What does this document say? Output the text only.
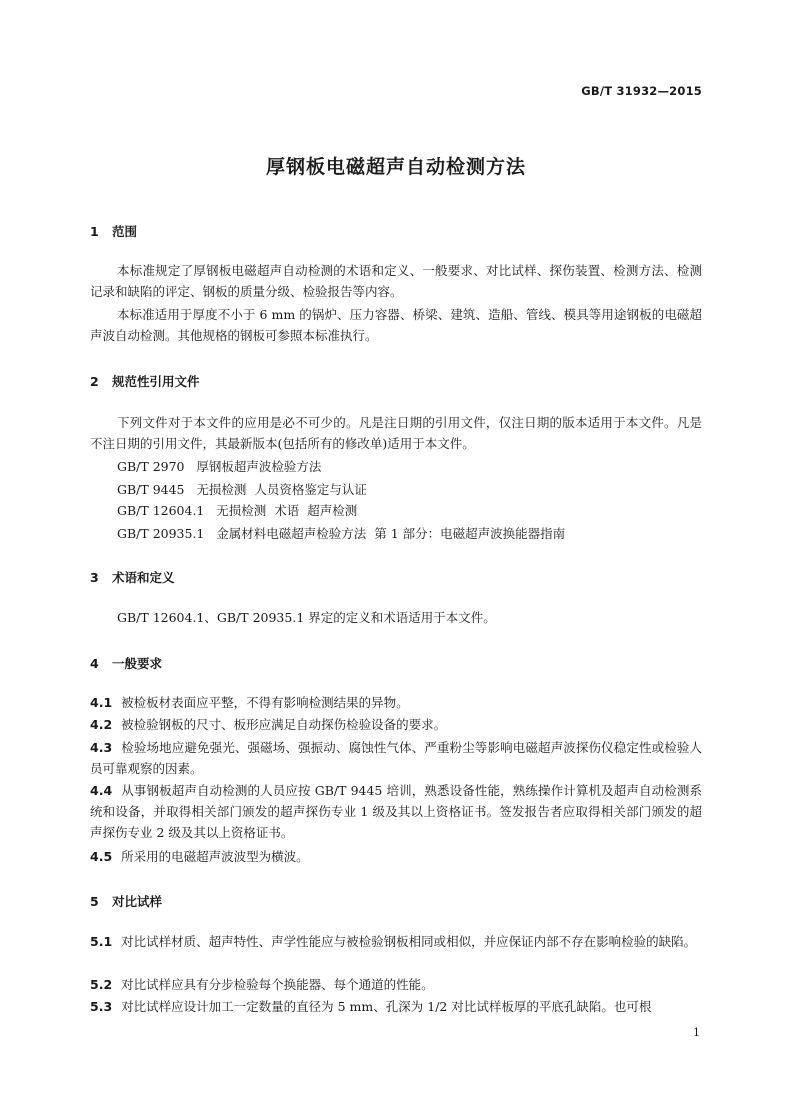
GB/T 31932—2015
厚钢板电磁超声自动检测方法
1 范围
本标准规定了厚钢板电磁超声自动检测的术语和定义、一般要求、对比试样、探伤装置、检测方法、检测记录和缺陷的评定、钢板的质量分级、检验报告等内容。
本标准适用于厚度不小于 6 mm 的锅炉、压力容器、桥梁、建筑、造船、管线、模具等用途钢板的电磁超声波自动检测。其他规格的钢板可参照本标准执行。
2 规范性引用文件
下列文件对于本文件的应用是必不可少的。凡是注日期的引用文件，仅注日期的版本适用于本文件。凡是不注日期的引用文件，其最新版本(包括所有的修改单)适用于本文件。
GB/T 2970   厚钢板超声波检验方法
GB/T 9445   无损检测  人员资格鉴定与认证
GB/T 12604.1   无损检测  术语  超声检测
GB/T 20935.1   金属材料电磁超声检验方法  第 1 部分：电磁超声波换能器指南
3 术语和定义
GB/T 12604.1、GB/T 20935.1 界定的定义和术语适用于本文件。
4 一般要求
4.1 被检板材表面应平整，不得有影响检测结果的异物。
4.2 被检验钢板的尺寸、板形应满足自动探伤检验设备的要求。
4.3 检验场地应避免强光、强磁场、强振动、腐蚀性气体、严重粉尘等影响电磁超声波探伤仪稳定性或检验人员可靠观察的因素。
4.4 从事钢板超声自动检测的人员应按 GB/T 9445 培训，熟悉设备性能，熟练操作计算机及超声自动检测系统和设备，并取得相关部门颁发的超声探伤专业 1 级及其以上资格证书。签发报告者应取得相关部门颁发的超声探伤专业 2 级及其以上资格证书。
4.5 所采用的电磁超声波波型为横波。
5 对比试样
5.1 对比试样材质、超声特性、声学性能应与被检验钢板相同或相似，并应保证内部不存在影响检验的缺陷。
5.2 对比试样应具有分步检验每个换能器、每个通道的性能。
5.3 对比试样应设计加工一定数量的直径为 5 mm、孔深为 1/2 对比试样板厚的平底孔缺陷。也可根
1
